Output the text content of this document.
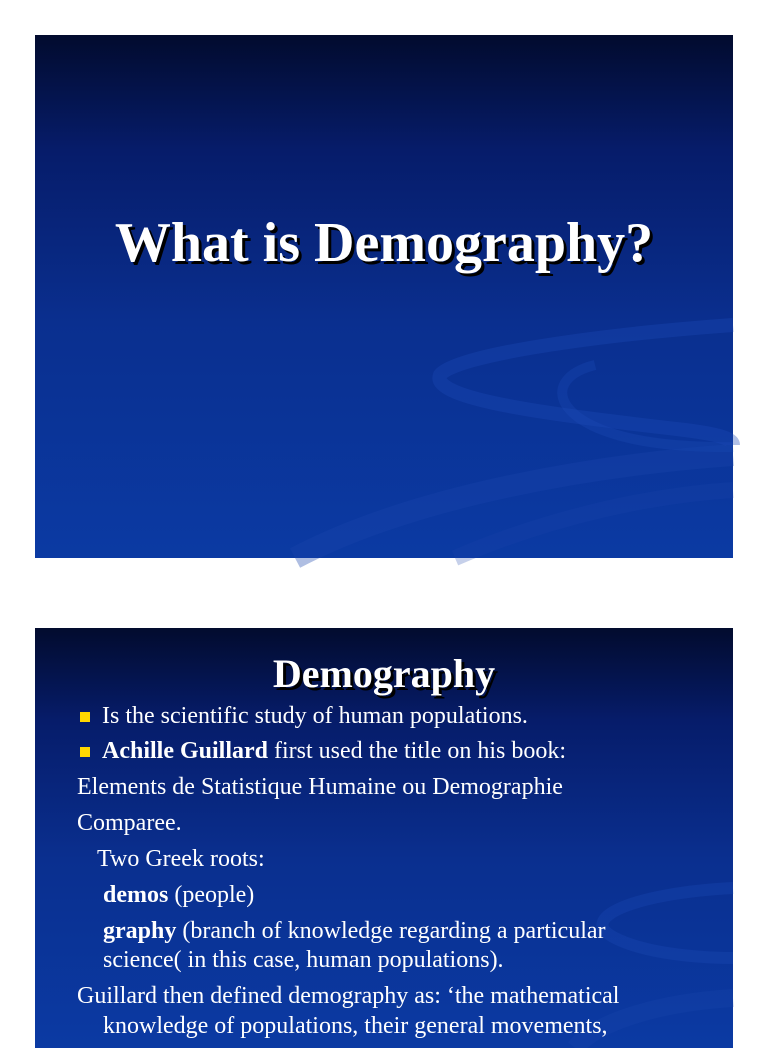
What is Demography?
Demography
Is the scientific study of human populations.
Achille Guillard first used the title on his book:
Elements de Statistique Humaine ou Demographie
Comparee.
Two Greek roots:
demos (people)
graphy (branch of knowledge regarding a particular
science( in this case, human populations).
Guillard then defined demography as: ‘the mathematical
knowledge of populations, their general movements,
